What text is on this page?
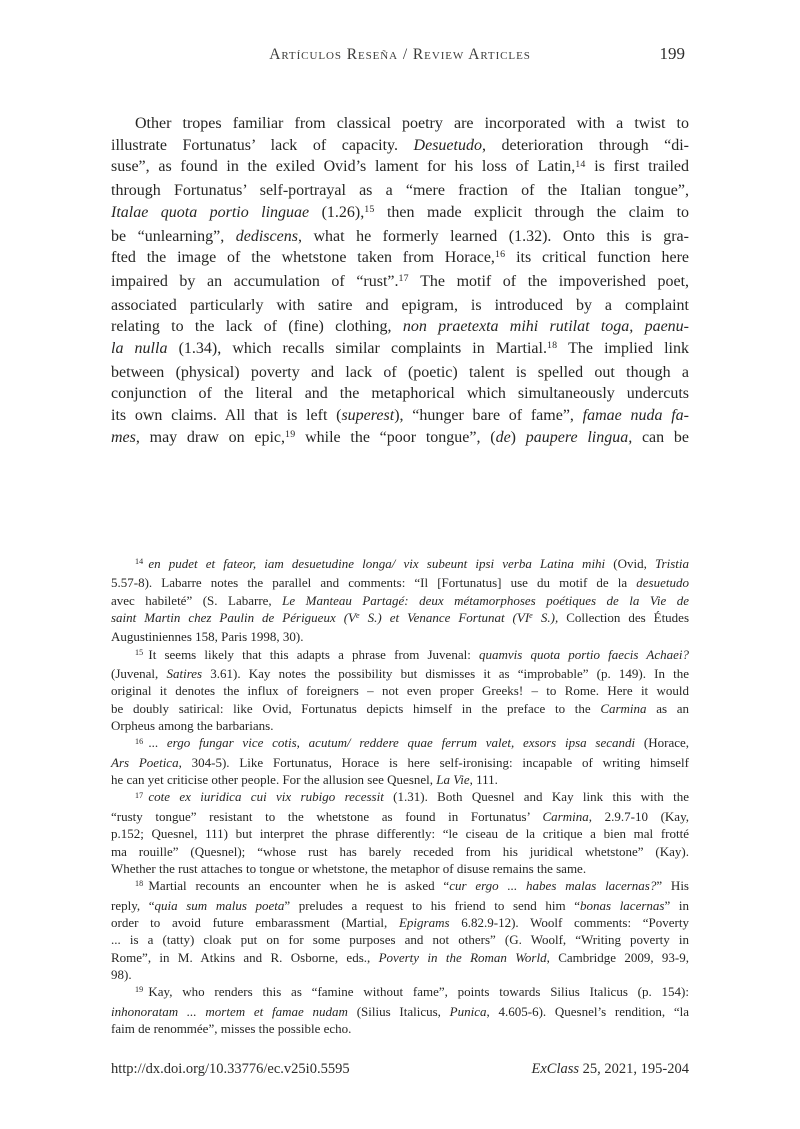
Artículos Reseña / Review Articles	199
Other tropes familiar from classical poetry are incorporated with a twist to
illustrate Fortunatus’ lack of capacity. Desuetudo, deterioration through “di-
suse”, as found in the exiled Ovid’s lament for his loss of Latin,$^{14}$ is first trailed
through Fortunatus’ self-portrayal as a “mere fraction of the Italian tongue”,
Italae quota portio linguae (1.26),$^{15}$ then made explicit through the claim to
be “unlearning”, dediscens, what he formerly learned (1.32). Onto this is gra-
fted the image of the whetstone taken from Horace,$^{16}$ its critical function here
impaired by an accumulation of “rust”.$^{17}$ The motif of the impoverished poet,
associated particularly with satire and epigram, is introduced by a complaint
relating to the lack of (fine) clothing, non praetexta mihi rutilat toga, paenu-
la nulla (1.34), which recalls similar complaints in Martial.$^{18}$ The implied link
between (physical) poverty and lack of (poetic) talent is spelled out though a
conjunction of the literal and the metaphorical which simultaneously undercuts
its own claims. All that is left (superest), “hunger bare of fame”, famae nuda fa-
mes, may draw on epic,$^{19}$ while the “poor tongue”, (de) paupere lingua, can be
$^{14}$ en pudet et fateor, iam desuetudine longa/ vix subeunt ipsi verba Latina mihi (Ovid, Tristia
5.57-8). Labarre notes the parallel and comments: “Il [Fortunatus] use du motif de la desuetudo
avec habileté” (S. Labarre, Le Manteau Partagé: deux métamorphoses poétiques de la Vie de
saint Martin chez Paulin de Périgueux (Ve S.) et Venance Fortunat (VIe S.), Collection des Études
Augustiniennes 158, Paris 1998, 30).
$^{15}$ It seems likely that this adapts a phrase from Juvenal: quamvis quota portio faecis Achaei?
(Juvenal, Satires 3.61). Kay notes the possibility but dismisses it as “improbable” (p. 149). In the
original it denotes the influx of foreigners – not even proper Greeks! – to Rome. Here it would
be doubly satirical: like Ovid, Fortunatus depicts himself in the preface to the Carmina as an
Orpheus among the barbarians.
$^{16}$ ... ergo fungar vice cotis, acutum/ reddere quae ferrum valet, exsors ipsa secandi (Horace,
Ars Poetica, 304-5). Like Fortunatus, Horace is here self-ironising: incapable of writing himself
he can yet criticise other people. For the allusion see Quesnel, La Vie, 111.
$^{17}$ cote ex iuridica cui vix rubigo recessit (1.31). Both Quesnel and Kay link this with the
“rusty tongue” resistant to the whetstone as found in Fortunatus’ Carmina, 2.9.7-10 (Kay,
p.152; Quesnel, 111) but interpret the phrase differently: “le ciseau de la critique a bien mal frotté
ma rouille” (Quesnel); “whose rust has barely receded from his juridical whetstone” (Kay).
Whether the rust attaches to tongue or whetstone, the metaphor of disuse remains the same.
$^{18}$ Martial recounts an encounter when he is asked “cur ergo ... habes malas lacernas?” His
reply, “quia sum malus poeta” preludes a request to his friend to send him “bonas lacernas” in
order to avoid future embarassment (Martial, Epigrams 6.82.9-12). Woolf comments: “Poverty
... is a (tatty) cloak put on for some purposes and not others” (G. Woolf, “Writing poverty in
Rome”, in M. Atkins and R. Osborne, eds., Poverty in the Roman World, Cambridge 2009, 93-9,
98).
$^{19}$ Kay, who renders this as “famine without fame”, points towards Silius Italicus (p. 154):
inhonoratam ... mortem et famae nudam (Silius Italicus, Punica, 4.605-6). Quesnel’s rendition, “la
faim de renommée”, misses the possible echo.
http://dx.doi.org/10.33776/ec.v25i0.5595	ExClass 25, 2021, 195-204
